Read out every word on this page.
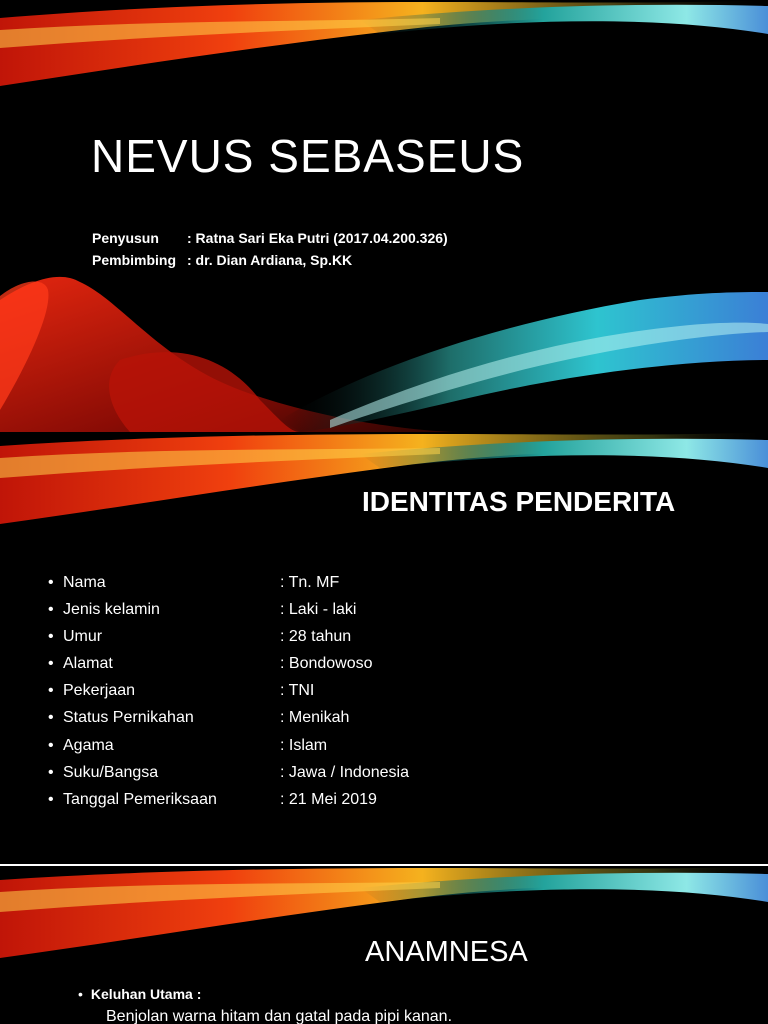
NEVUS SEBASEUS
Penyusun : Ratna Sari Eka Putri (2017.04.200.326)
Pembimbing : dr. Dian Ardiana, Sp.KK
IDENTITAS PENDERITA
• Nama	: Tn. MF
• Jenis kelamin	: Laki - laki
• Umur	: 28 tahun
• Alamat	: Bondowoso
• Pekerjaan	: TNI
• Status Pernikahan	: Menikah
• Agama	: Islam
• Suku/Bangsa	: Jawa / Indonesia
• Tanggal Pemeriksaan	: 21 Mei 2019
ANAMNESA
• Keluhan Utama :
Benjolan warna hitam dan gatal pada pipi kanan.
